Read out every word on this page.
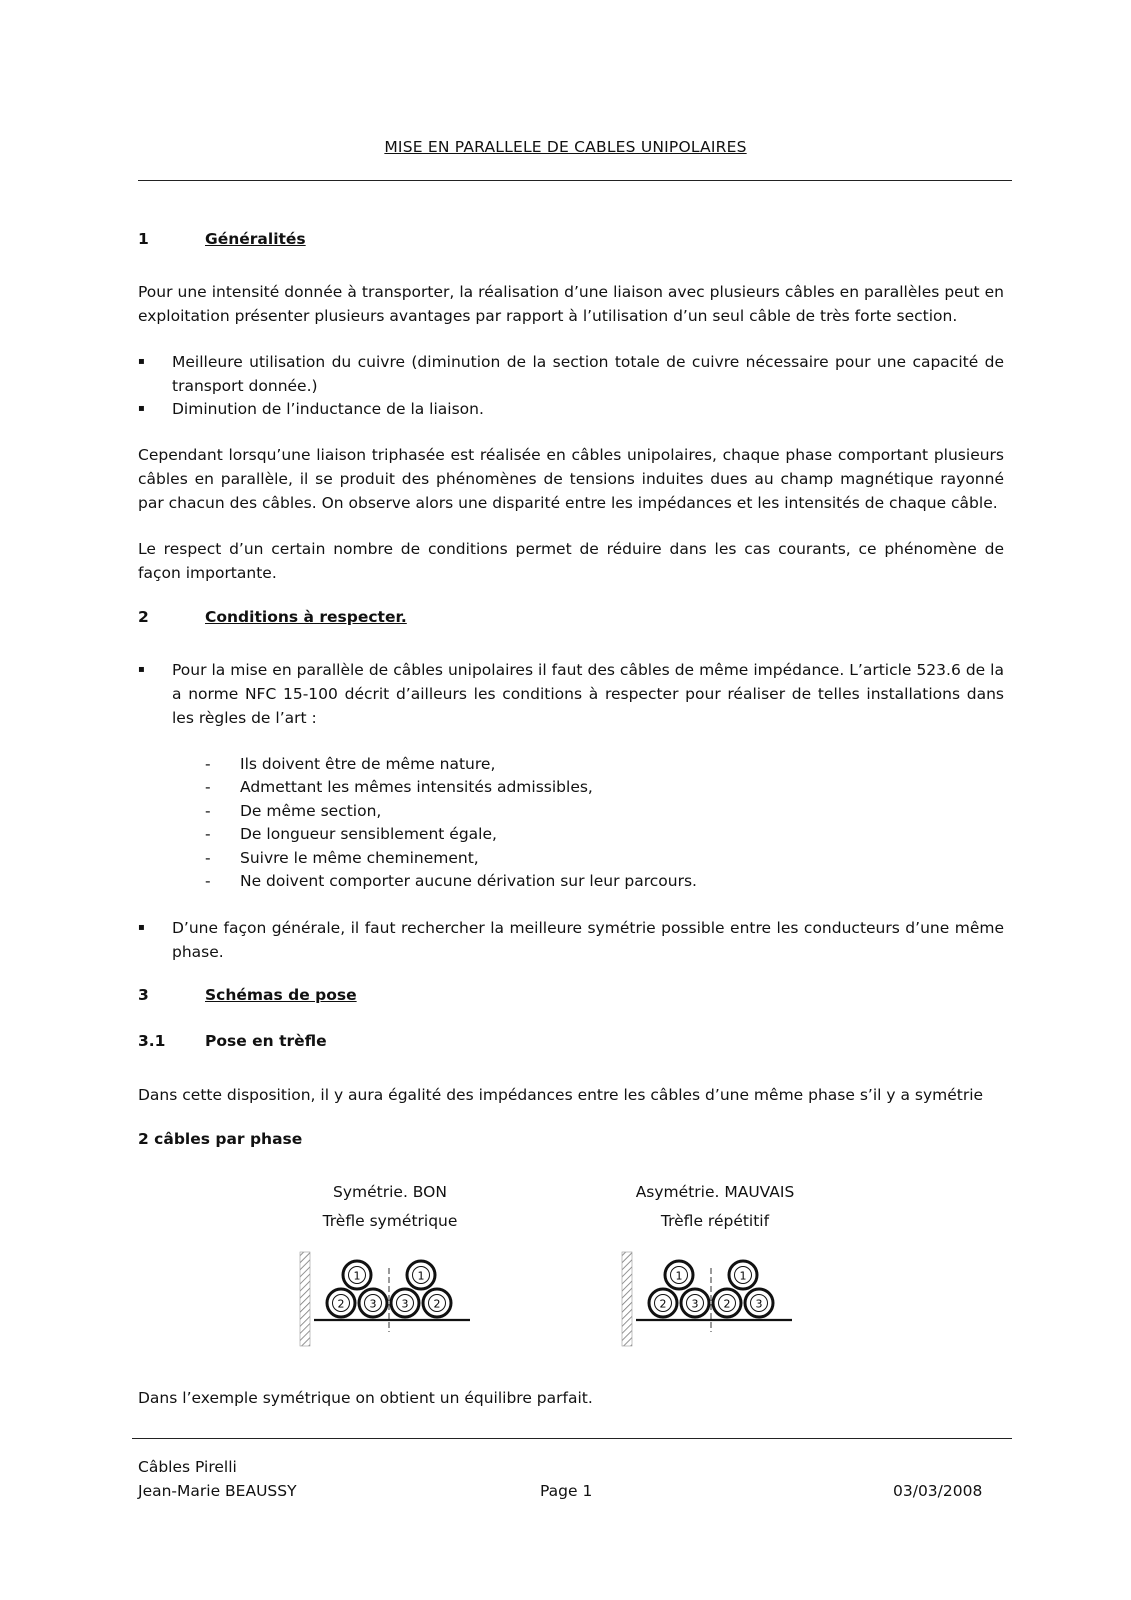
MISE EN PARALLELE DE CABLES UNIPOLAIRES
1	Généralités
Pour une intensité donnée à transporter, la réalisation d’une liaison avec plusieurs câbles en parallèles peut en exploitation présenter plusieurs avantages par rapport à l’utilisation d’un seul câble de très forte section.
▪ Meilleure utilisation du cuivre (diminution de la section totale de cuivre nécessaire pour une capacité de transport donnée.)
▪ Diminution de l’inductance de la liaison.
Cependant lorsqu’une liaison triphasée est réalisée en câbles unipolaires, chaque phase comportant plusieurs câbles en parallèle, il se produit des phénomènes de tensions induites dues au champ magnétique rayonné par chacun des câbles. On observe alors une disparité entre les impédances et les intensités de chaque câble.
Le respect d’un certain nombre de conditions permet de réduire dans les cas courants, ce phénomène de façon importante.
2	Conditions à respecter.
▪ Pour la mise en parallèle de câbles unipolaires il faut des câbles de même impédance. L’article 523.6 de la a norme NFC 15-100 décrit d’ailleurs les conditions à respecter pour réaliser de telles installations dans les règles de l’art :
- Ils doivent être de même nature,
- Admettant les mêmes intensités admissibles,
- De même section,
- De longueur sensiblement égale,
- Suivre le même cheminement,
- Ne doivent comporter aucune dérivation sur leur parcours.
▪ D’une façon générale, il faut rechercher la meilleure symétrie possible entre les conducteurs d’une même phase.
3	Schémas de pose
3.1	Pose en trèfle
Dans cette disposition, il y aura égalité des impédances entre les câbles d’une même phase s’il y a symétrie
2 câbles par phase
Symétrie. BON
Trèfle symétrique
1	1
2 3 3 2
Asymétrie. MAUVAIS
Trèfle répétitif
1	1
2 3 2 3
Dans l’exemple symétrique on obtient un équilibre parfait.
Câbles Pirelli
Jean-Marie BEAUSSY	Page 1	03/03/2008
